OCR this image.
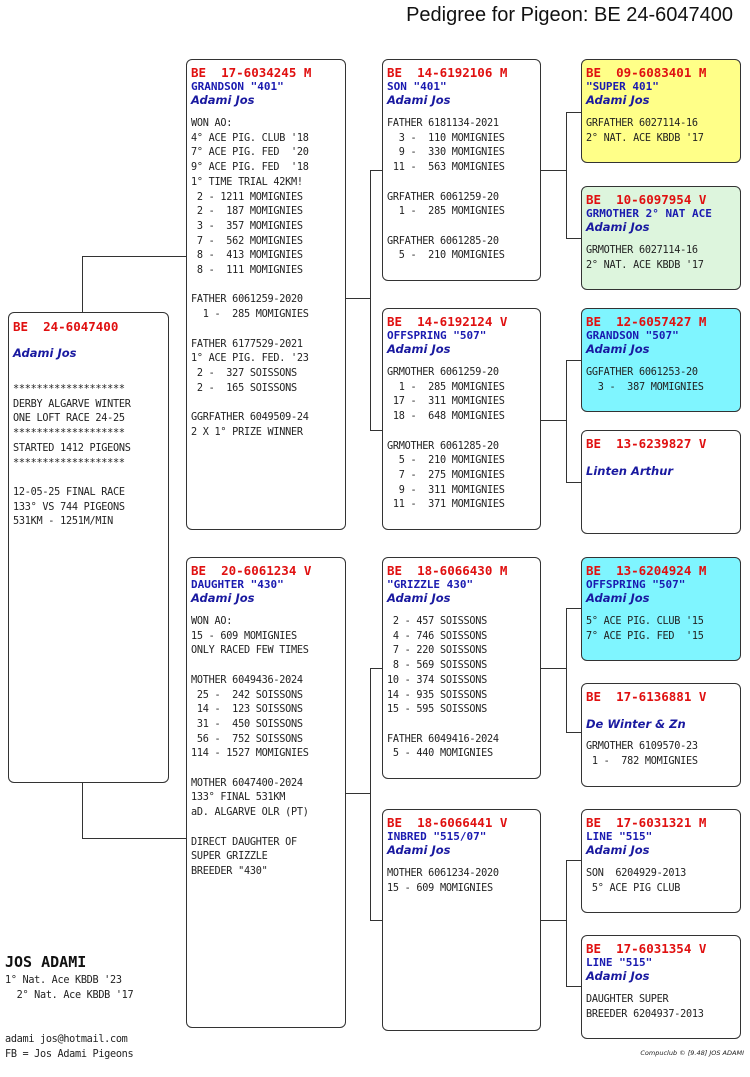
Pedigree for Pigeon: BE 24-6047400
BE  24-6047400
Adami Jos
*******************
DERBY ALGARVE WINTER
ONE LOFT RACE 24-25
*******************
STARTED 1412 PIGEONS
*******************

12-05-25 FINAL RACE
133° VS 744 PIGEONS
531KM - 1251M/MIN
BE  17-6034245 M
GRANDSON "401"
Adami Jos
WON AO:
4° ACE PIG. CLUB '18
7° ACE PIG. FED  '20
9° ACE PIG. FED  '18
1° TIME TRIAL 42KM!
2 - 1211 MOMIGNIES
2 -  187 MOMIGNIES
3 -  357 MOMIGNIES
7 -  562 MOMIGNIES
8 -  413 MOMIGNIES
8 -  111 MOMIGNIES

FATHER 6061259-2020
1 -  285 MOMIGNIES

FATHER 6177529-2021
1° ACE PIG. FED. '23
2 -  327 SOISSONS
2 -  165 SOISSONS

GGRFATHER 6049509-24
2 X 1° PRIZE WINNER
BE  20-6061234 V
DAUGHTER "430"
Adami Jos
WON AO:
15 - 609 MOMIGNIES
ONLY RACED FEW TIMES

MOTHER 6049436-2024
25 -  242 SOISSONS
14 -  123 SOISSONS
31 -  450 SOISSONS
56 -  752 SOISSONS
114 - 1527 MOMIGNIES

MOTHER 6047400-2024
133° FINAL 531KM
aD. ALGARVE OLR (PT)

DIRECT DAUGHTER OF
SUPER GRIZZLE
BREEDER "430"
BE  14-6192106 M
SON "401"
Adami Jos
FATHER 6181134-2021
3 -  110 MOMIGNIES
9 -  330 MOMIGNIES
11 -  563 MOMIGNIES

GRFATHER 6061259-20
1 -  285 MOMIGNIES

GRFATHER 6061285-20
5 -  210 MOMIGNIES
BE  14-6192124 V
OFFSPRING "507"
Adami Jos
GRMOTHER 6061259-20
1 -  285 MOMIGNIES
17 -  311 MOMIGNIES
18 -  648 MOMIGNIES

GRMOTHER 6061285-20
5 -  210 MOMIGNIES
7 -  275 MOMIGNIES
9 -  311 MOMIGNIES
11 -  371 MOMIGNIES
BE  18-6066430 M
"GRIZZLE 430"
Adami Jos
2 - 457 SOISSONS
4 - 746 SOISSONS
7 - 220 SOISSONS
8 - 569 SOISSONS
10 - 374 SOISSONS
14 - 935 SOISSONS
15 - 595 SOISSONS

FATHER 6049416-2024
5 - 440 MOMIGNIES
BE  18-6066441 V
INBRED "515/07"
Adami Jos
MOTHER 6061234-2020
15 - 609 MOMIGNIES
BE  09-6083401 M
"SUPER 401"
Adami Jos
GRFATHER 6027114-16
2° NAT. ACE KBDB '17
BE  10-6097954 V
GRMOTHER 2° NAT ACE
Adami Jos
GRMOTHER 6027114-16
2° NAT. ACE KBDB '17
BE  12-6057427 M
GRANDSON "507"
Adami Jos
GGFATHER 6061253-20
3 -  387 MOMIGNIES
BE  13-6239827 V
Linten Arthur
BE  13-6204924 M
OFFSPRING "507"
Adami Jos
5° ACE PIG. CLUB '15
7° ACE PIG. FED  '15
BE  17-6136881 V
De Winter & Zn
GRMOTHER 6109570-23
1 -  782 MOMIGNIES
BE  17-6031321 M
LINE "515"
Adami Jos
SON  6204929-2013
5° ACE PIG CLUB
BE  17-6031354 V
LINE "515"
Adami Jos
DAUGHTER SUPER
BREEDER 6204937-2013
JOS ADAMI
1° Nat. Ace KBDB '23
2° Nat. Ace KBDB '17
adami jos@hotmail.com
FB = Jos Adami Pigeons	Compuclub © [9.48] JOS ADAMI
